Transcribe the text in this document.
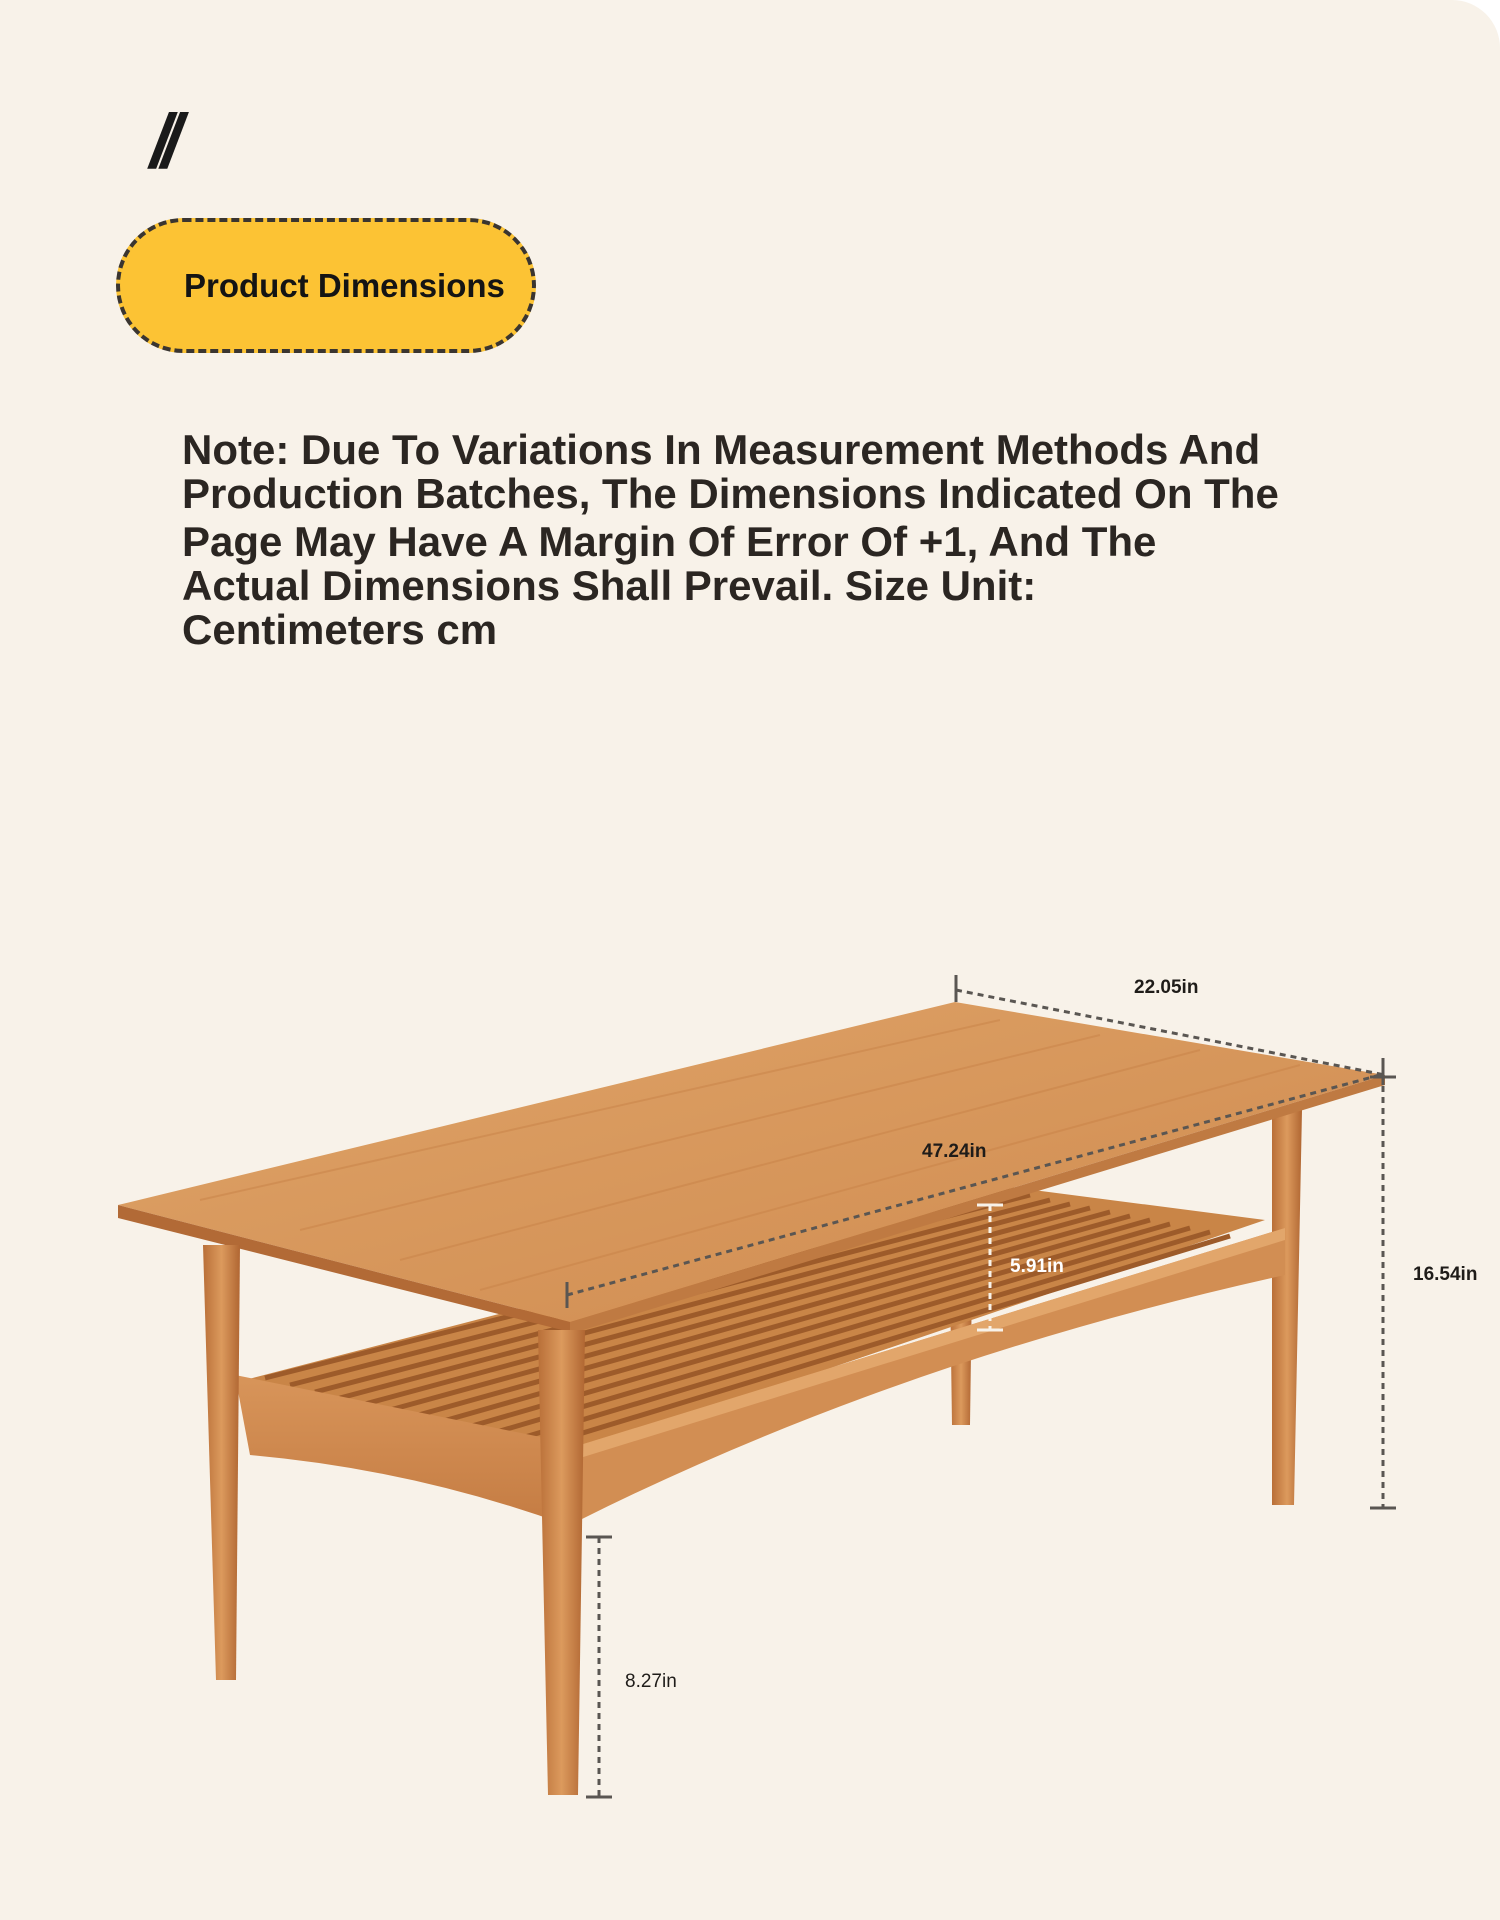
//
Product Dimensions
Note: Due To Variations In Measurement Methods And
Production Batches, The Dimensions Indicated On The
Page May Have A Margin Of Error Of +1, And The
Actual Dimensions Shall Prevail. Size Unit:
Centimeters cm
22.05in
47.24in
5.91in	16.54in
8.27in
